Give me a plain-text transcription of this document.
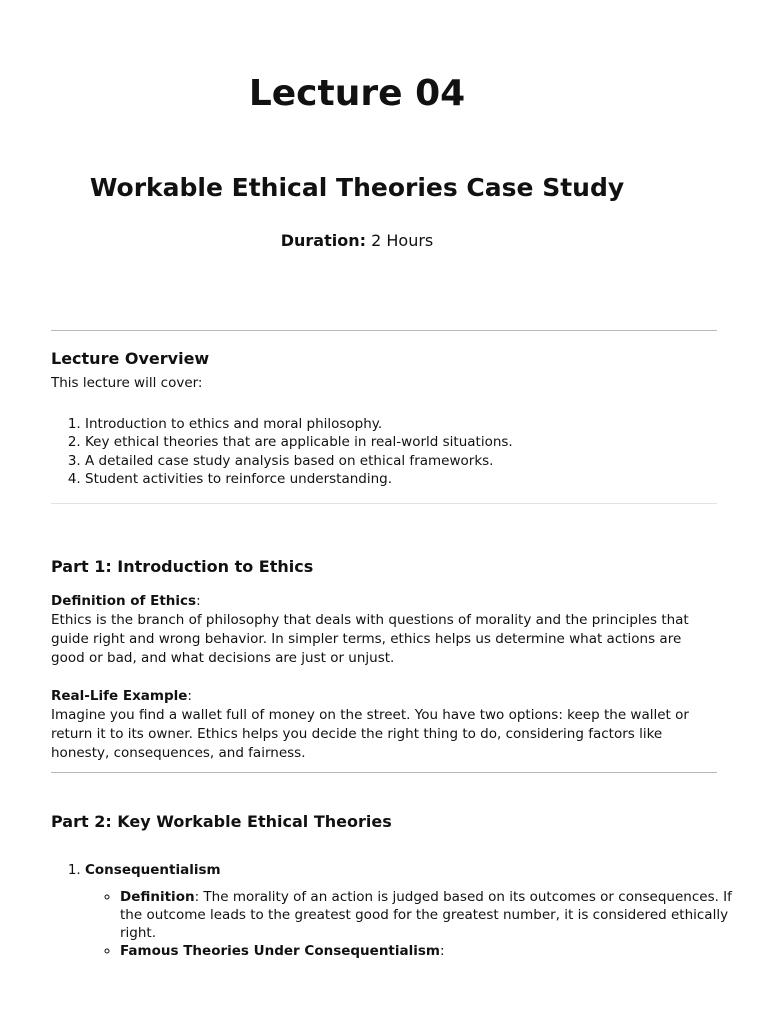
Lecture 04
Workable Ethical Theories Case Study
Duration: 2 Hours
Lecture Overview
This lecture will cover:
1. Introduction to ethics and moral philosophy.
2. Key ethical theories that are applicable in real-world situations.
3. A detailed case study analysis based on ethical frameworks.
4. Student activities to reinforce understanding.
Part 1: Introduction to Ethics
Definition of Ethics:
Ethics is the branch of philosophy that deals with questions of morality and the principles that guide right and wrong behavior. In simpler terms, ethics helps us determine what actions are good or bad, and what decisions are just or unjust.
Real-Life Example:
Imagine you find a wallet full of money on the street. You have two options: keep the wallet or return it to its owner. Ethics helps you decide the right thing to do, considering factors like honesty, consequences, and fairness.
Part 2: Key Workable Ethical Theories
1. Consequentialism
◦ Definition: The morality of an action is judged based on its outcomes or consequences. If the outcome leads to the greatest good for the greatest number, it is considered ethically right.
◦ Famous Theories Under Consequentialism:
